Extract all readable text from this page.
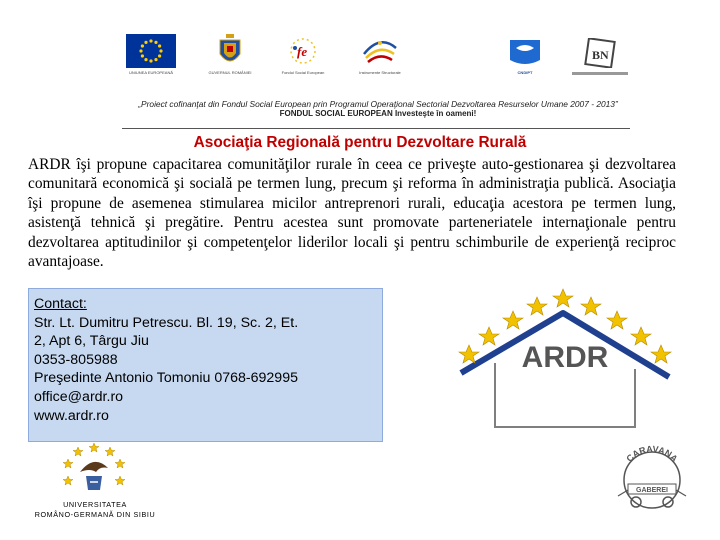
UNIUNEA EUROPEANĂ	GUVERNUL ROMÂNIEI
fe
Fondul Social European	Instrumente Structurale	CNDIPT
BN
„Proiect cofinanţat din Fondul Social European prin Programul Operaţional Sectorial Dezvoltarea Resurselor Umane 2007 - 2013”
FONDUL SOCIAL EUROPEAN Investeşte în oameni!
Asociaţia Regională pentru Dezvoltare Rurală
ARDR îşi propune capacitarea comunităţilor rurale în ceea ce priveşte auto-gestionarea şi dezvoltarea comunitară economică şi socială pe termen lung, precum şi reforma în administraţia publică. Asociaţia îşi propune de asemenea stimularea micilor antreprenori rurali, educaţia acestora pe termen lung, asistenţă tehnică şi pregătire. Pentru acestea sunt promovate parteneriatele internaţionale pentru dezvoltarea aptitudinilor şi competenţelor liderilor locali şi pentru schimburile de experienţă reciproc avantajoase.
Contact:
Str. Lt. Dumitru Petrescu. Bl. 19, Sc. 2, Et.
2, Apt 6, Târgu Jiu
0353-805988
Preşedinte Antonio Tomoniu 0768-692995
office@ardr.ro
www.ardr.ro
ARDR
UNIVERSITATEA
ROMÂNO-GERMANĂ DIN SIBIU
CARAVANA
GABEREI
